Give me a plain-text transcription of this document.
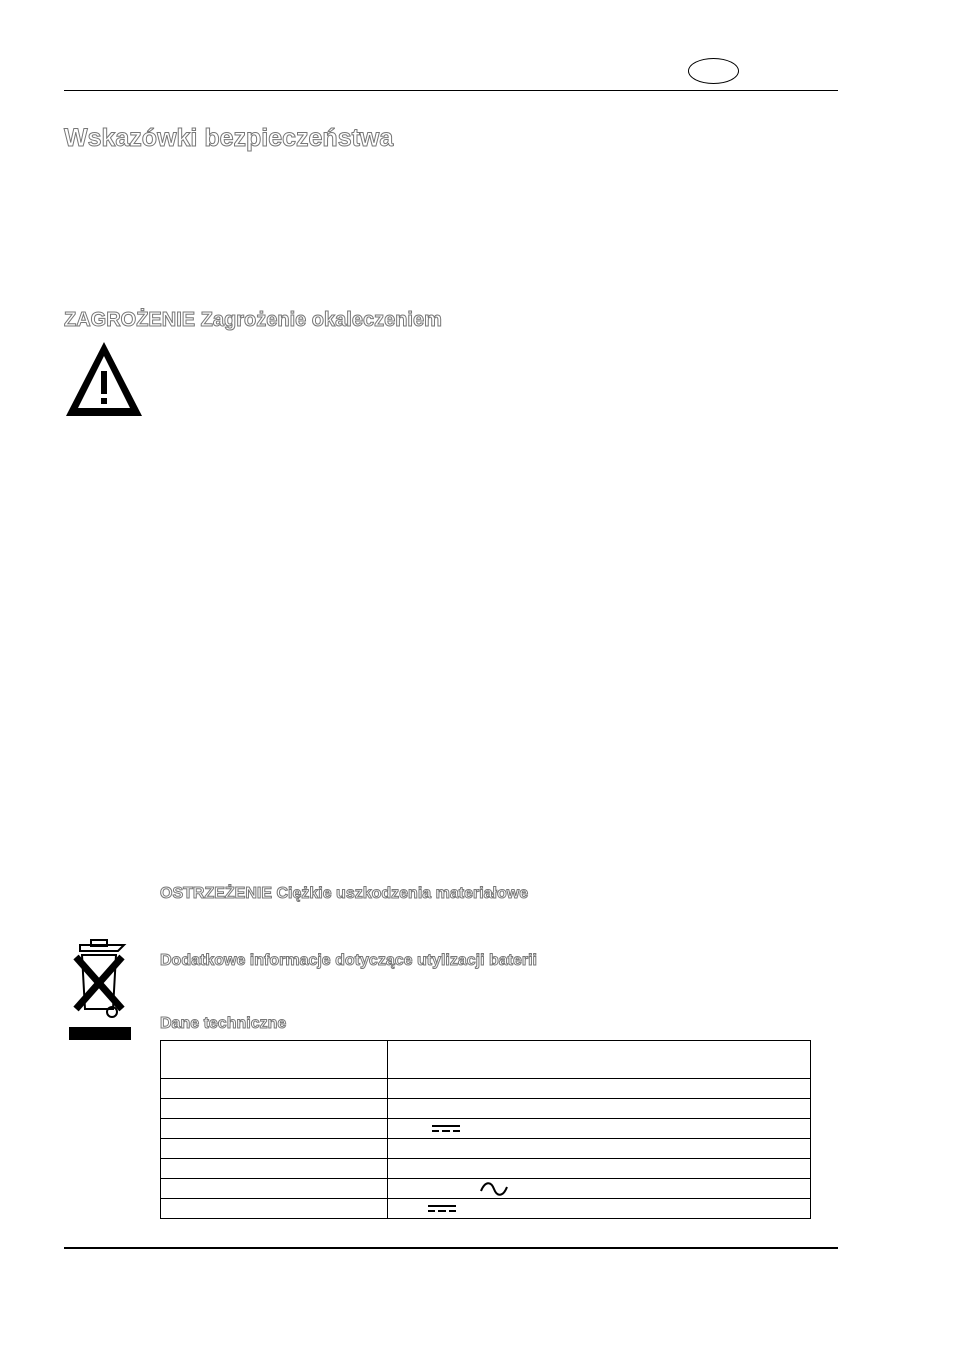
Wskazówki bezpieczeństwa
ZAGROŻENIE Zagrożenie okaleczeniem
OSTRZEŻENIE Ciężkie uszkodzenia materiałowe
Dodatkowe informacje dotyczące utylizacji baterii
Dane techniczne
